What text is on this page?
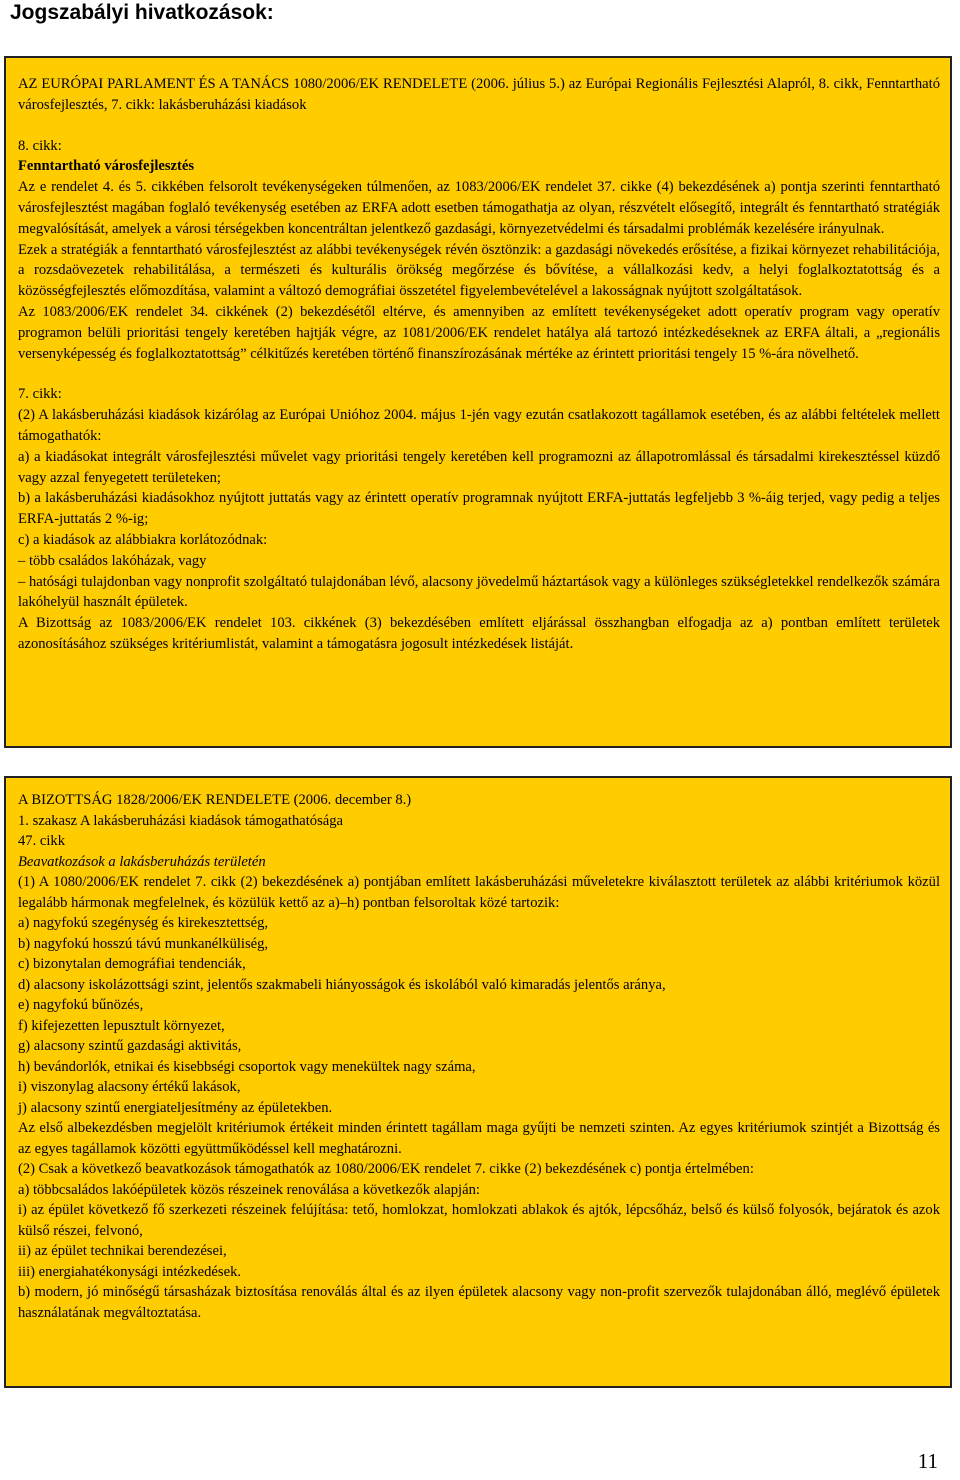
Jogszabályi hivatkozások:

AZ EURÓPAI PARLAMENT ÉS A TANÁCS 1080/2006/EK RENDELETE (2006. július 5.) az Európai Regionális Fejlesztési Alapról, 8. cikk, Fenntartható városfejlesztés, 7. cikk: lakásberuházási kiadások

8. cikk:

Fenntartható városfejlesztés

Az e rendelet 4. és 5. cikkében felsorolt tevékenységeken túlmenően, az 1083/2006/EK rendelet 37. cikke (4) bekezdésének a) pontja szerinti fenntartható városfejlesztést magában foglaló tevékenység esetében az ERFA adott esetben támogathatja az olyan, részvételt elősegítő, integrált és fenntartható stratégiák megvalósítását, amelyek a városi térségekben koncentráltan jelentkező gazdasági, környezetvédelmi és társadalmi problémák kezelésére irányulnak.

Ezek a stratégiák a fenntartható városfejlesztést az alábbi tevékenységek révén ösztönzik: a gazdasági növekedés erősítése, a fizikai környezet rehabilitációja, a rozsdaövezetek rehabilitálása, a természeti és kulturális örökség megőrzése és bővítése, a vállalkozási kedv, a helyi foglalkoztatottság és a közösségfejlesztés előmozdítása, valamint a változó demográfiai összetétel figyelembevételével a lakosságnak nyújtott szolgáltatások.

Az 1083/2006/EK rendelet 34. cikkének (2) bekezdésétől eltérve, és amennyiben az említett tevékenységeket adott operatív program vagy operatív programon belüli prioritási tengely keretében hajtják végre, az 1081/2006/EK rendelet hatálya alá tartozó intézkedéseknek az ERFA általi, a „regionális versenyképesség és foglalkoztatottság” célkitűzés keretében történő finanszírozásának mértéke az érintett prioritási tengely 15 %-ára növelhető.

7. cikk:

(2) A lakásberuházási kiadások kizárólag az Európai Unióhoz 2004. május 1-jén vagy ezután csatlakozott tagállamok esetében, és az alábbi feltételek mellett támogathatók:

a) a kiadásokat integrált városfejlesztési művelet vagy prioritási tengely keretében kell programozni az állapotromlással és társadalmi kirekesztéssel küzdő vagy azzal fenyegetett területeken;

b) a lakásberuházási kiadásokhoz nyújtott juttatás vagy az érintett operatív programnak nyújtott ERFA-juttatás legfeljebb 3 %-áig terjed, vagy pedig a teljes ERFA-juttatás 2 %-ig;

c) a kiadások az alábbiakra korlátozódnak:

– több családos lakóházak, vagy

– hatósági tulajdonban vagy nonprofit szolgáltató tulajdonában lévő, alacsony jövedelmű háztartások vagy a különleges szükségletekkel rendelkezők számára lakóhelyül használt épületek.

A Bizottság az 1083/2006/EK rendelet 103. cikkének (3) bekezdésében említett eljárással összhangban elfogadja az a) pontban említett területek azonosításához szükséges kritériumlistát, valamint a támogatásra jogosult intézkedések listáját.

A BIZOTTSÁG 1828/2006/EK RENDELETE (2006. december 8.)

1. szakasz A lakásberuházási kiadások támogathatósága

47. cikk

Beavatkozások a lakásberuházás területén

(1) A 1080/2006/EK rendelet 7. cikk (2) bekezdésének a) pontjában említett lakásberuházási műveletekre kiválasztott területek az alábbi kritériumok közül legalább hármonak megfelelnek, és közülük kettő az a)–h) pontban felsoroltak közé tartozik:

a) nagyfokú szegénység és kirekesztettség,

b) nagyfokú hosszú távú munkanélküliség,

c) bizonytalan demográfiai tendenciák,

d) alacsony iskolázottsági szint, jelentős szakmabeli hiányosságok és iskolából való kimaradás jelentős aránya,

e) nagyfokú bűnözés,

f) kifejezetten lepusztult környezet,

g) alacsony szintű gazdasági aktivitás,

h) bevándorlók, etnikai és kisebbségi csoportok vagy menekültek nagy száma,

i) viszonylag alacsony értékű lakások,

j) alacsony szintű energiateljesítmény az épületekben.

Az első albekezdésben megjelölt kritériumok értékeit minden érintett tagállam maga gyűjti be nemzeti szinten. Az egyes kritériumok szintjét a Bizottság és az egyes tagállamok közötti együttműködéssel kell meghatározni.

(2) Csak a következő beavatkozások támogathatók az 1080/2006/EK rendelet 7. cikke (2) bekezdésének c) pontja értelmében:

a) többcsaládos lakóépületek közös részeinek renoválása a következők alapján:

i) az épület következő fő szerkezeti részeinek felújítása: tető, homlokzat, homlokzati ablakok és ajtók, lépcsőház, belső és külső folyosók, bejáratok és azok külső részei, felvonó,

ii) az épület technikai berendezései,

iii) energiahatékonysági intézkedések.

b) modern, jó minőségű társasházak biztosítása renoválás által és az ilyen épületek alacsony vagy non-profit szervezők tulajdonában álló, meglévő épületek használatának megváltoztatása.

11
